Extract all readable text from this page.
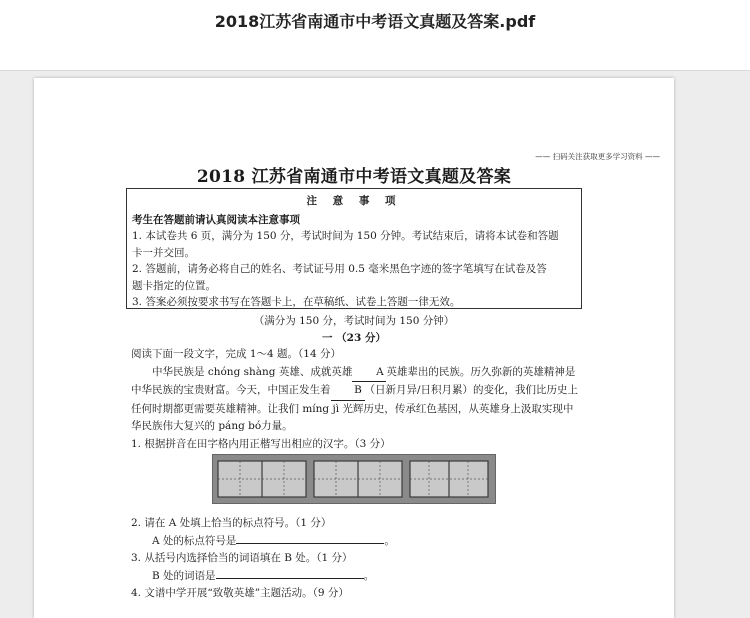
2018江苏省南通市中考语文真题及答案.pdf
—— 扫码关注获取更多学习资料 ——
2018 江苏省南通市中考语文真题及答案
注 意 事 项
考生在答题前请认真阅读本注意事项
1. 本试卷共 6 页，满分为 150 分，考试时间为 150 分钟。考试结束后，请将本试卷和答题
卡一并交回。
2. 答题前，请务必将自己的姓名、考试证号用 0.5 毫米黑色字迹的签字笔填写在试卷及答
题卡指定的位置。
3. 答案必须按要求书写在答题卡上，在草稿纸、试卷上答题一律无效。
（满分为 150 分，考试时间为 150 分钟）
一 （23 分）
阅读下面一段文字，完成 1～4 题。（14 分）
中华民族是 chóng shàng 英雄、成就英雄 A 英雄辈出的民族。历久弥新的英雄精神是中华民族的宝贵财富。今天，中国正发生着 B （日新月异/日积月累）的变化，我们比历史上任何时期都更需要英雄精神。让我们 míng jì 光辉历史，传承红色基因，从英雄身上汲取实现中华民族伟大复兴的 páng bó力量。
1. 根据拼音在田字格内用正楷写出相应的汉字。（3 分）
2. 请在 A 处填上恰当的标点符号。（1 分）
A 处的标点符号是	。
3. 从括号内选择恰当的词语填在 B 处。（1 分）
B 处的词语是	。
4. 文谱中学开展“致敬英雄”主题活动。（9 分）
